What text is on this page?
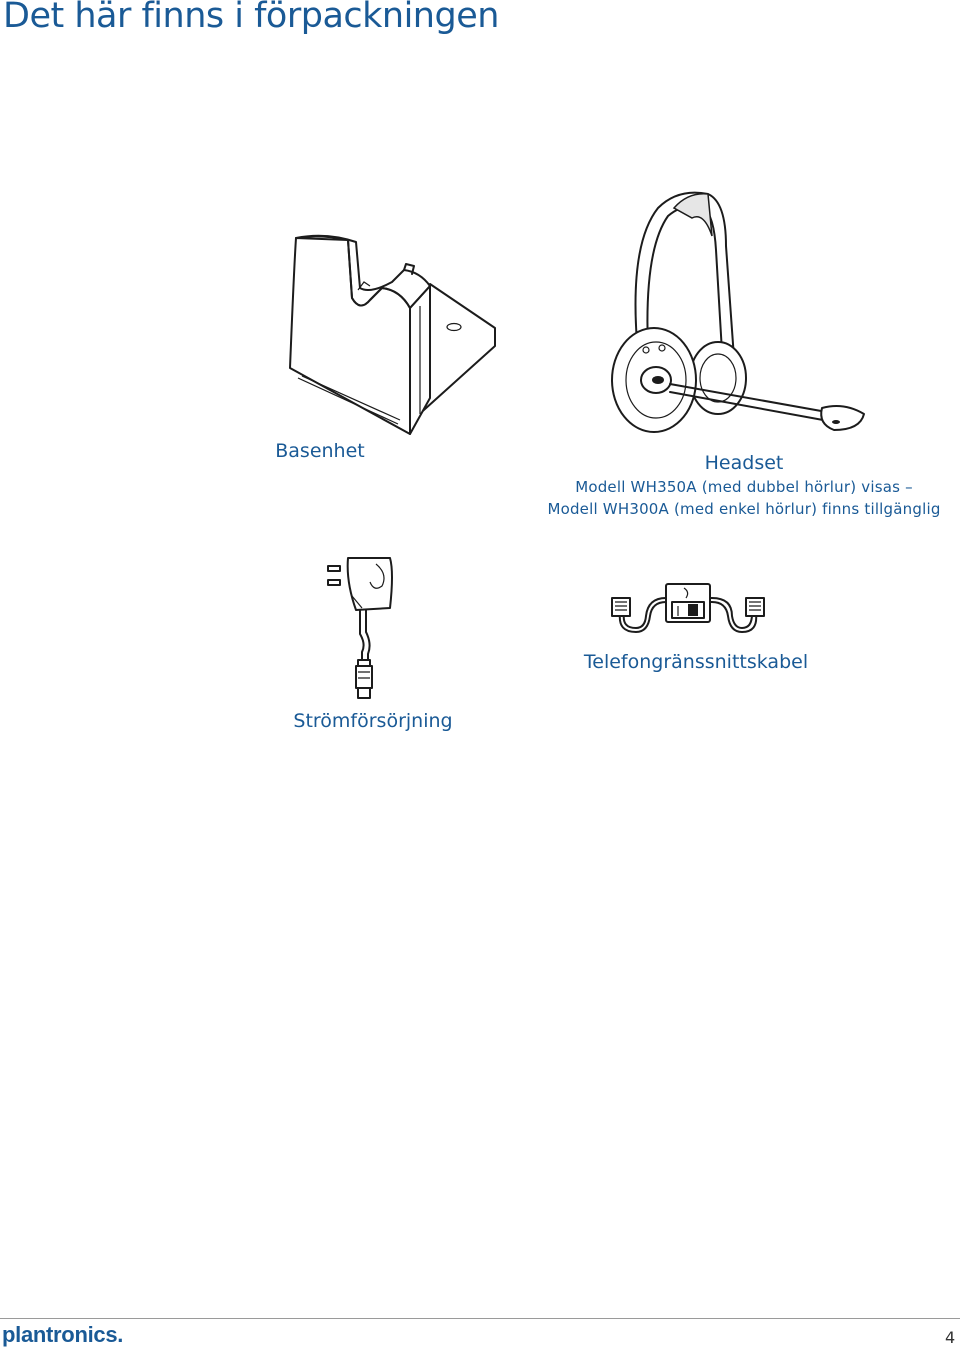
Det här finns i förpackningen
Basenhet
Headset
Modell WH350A (med dubbel hörlur) visas –
Modell WH300A (med enkel hörlur) finns tillgänglig
Strömförsörjning
Telefongränssnittskabel
plantronics.	4
